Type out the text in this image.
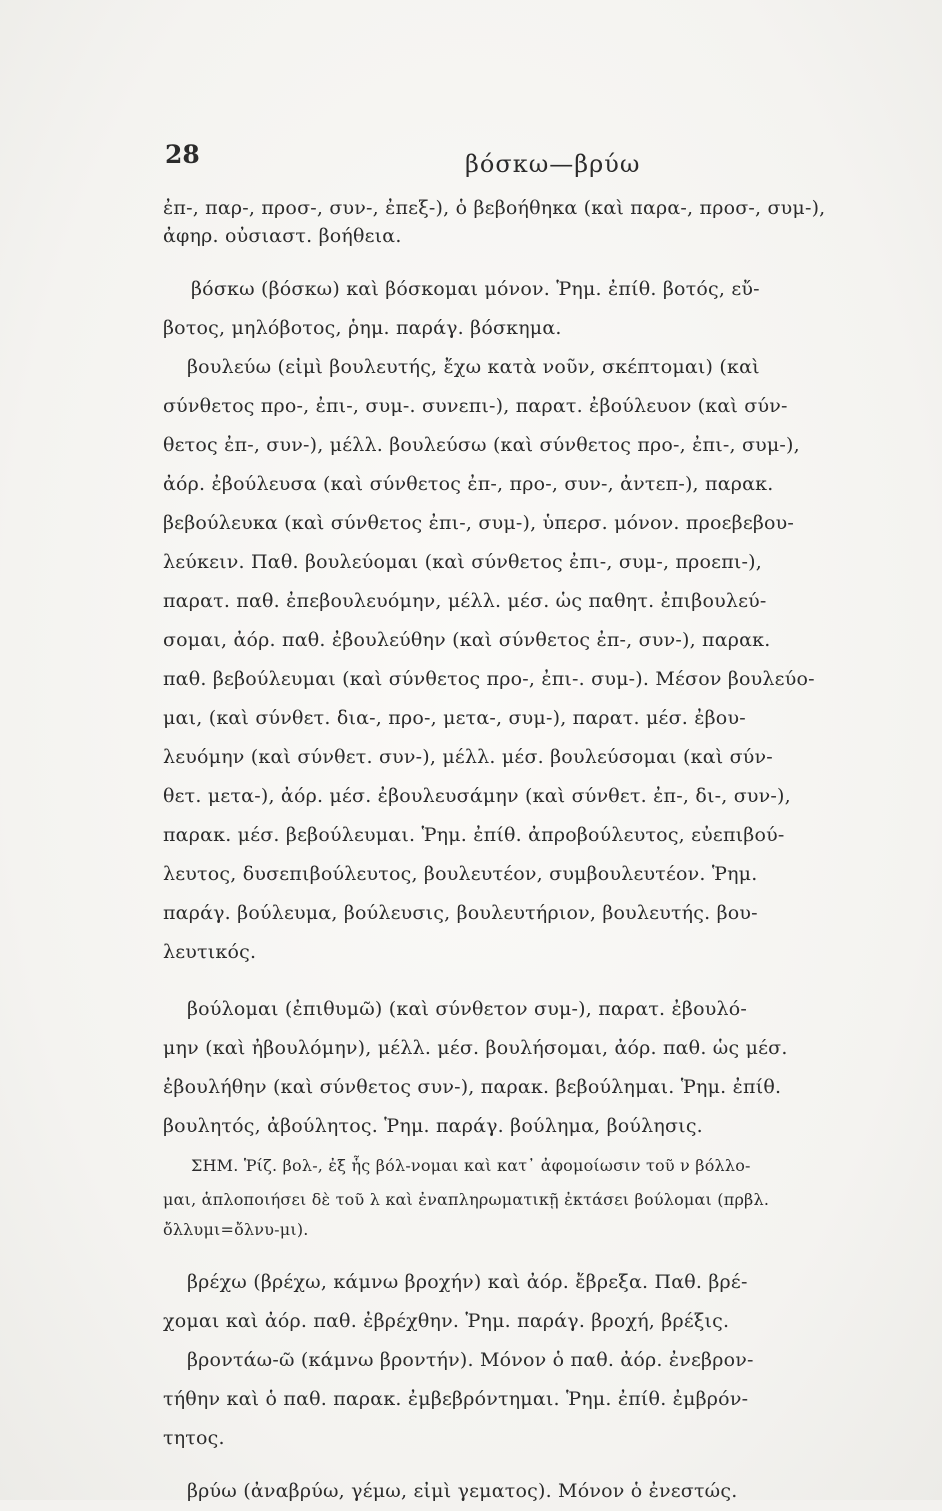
28	βόσκω—βρύω
ἐπ-, παρ-, προσ-, συν-, ἐπεξ-), ὁ βεβοήθηκα (καὶ παρα-, προσ-, συμ-),
ἀφηρ. οὐσιαστ. βοήθεια.
βόσκω (βόσκω) καὶ βόσκομαι μόνον. Ῥημ. ἐπίθ. βοτός, εὔ-
βοτος, μηλόβοτος, ῥημ. παράγ. βόσκημα.
βουλεύω (εἰμὶ βουλευτής, ἔχω κατὰ νοῦν, σκέπτομαι) (καὶ
σύνθετος προ-, ἐπι-, συμ-. συνεπι-), παρατ. ἐβούλευον (καὶ σύν-
θετος ἐπ-, συν-), μέλλ. βουλεύσω (καὶ σύνθετος προ-, ἐπι-, συμ-),
ἀόρ. ἐβούλευσα (καὶ σύνθετος ἐπ-, προ-, συν-, ἀντεπ-), παρακ.
βεβούλευκα (καὶ σύνθετος ἐπι-, συμ-), ὑπερσ. μόνον. προεβεβου-
λεύκειν. Παθ. βουλεύομαι (καὶ σύνθετος ἐπι-, συμ-, προεπι-),
παρατ. παθ. ἐπεβουλευόμην, μέλλ. μέσ. ὡς παθητ. ἐπιβουλεύ-
σομαι, ἀόρ. παθ. ἐβουλεύθην (καὶ σύνθετος ἐπ-, συν-), παρακ.
παθ. βεβούλευμαι (καὶ σύνθετος προ-, ἐπι-. συμ-). Μέσον βουλεύο-
μαι, (καὶ σύνθετ. δια-, προ-, μετα-, συμ-), παρατ. μέσ. ἐβου-
λευόμην (καὶ σύνθετ. συν-), μέλλ. μέσ. βουλεύσομαι (καὶ σύν-
θετ. μετα-), ἀόρ. μέσ. ἐβουλευσάμην (καὶ σύνθετ. ἐπ-, δι-, συν-),
παρακ. μέσ. βεβούλευμαι. Ῥημ. ἐπίθ. ἀπροβούλευτος, εὐεπιβού-
λευτος, δυσεπιβούλευτος, βουλευτέον, συμβουλευτέον. Ῥημ.
παράγ. βούλευμα, βούλευσις, βουλευτήριον, βουλευτής. βου-
λευτικός.
βούλομαι (ἐπιθυμῶ) (καὶ σύνθετον συμ-), παρατ. ἐβουλό-
μην (καὶ ἠβουλόμην), μέλλ. μέσ. βουλήσομαι, ἀόρ. παθ. ὡς μέσ.
ἐβουλήθην (καὶ σύνθετος συν-), παρακ. βεβούλημαι. Ῥημ. ἐπίθ.
βουλητός, ἀβούλητος. Ῥημ. παράγ. βούλημα, βούλησις.
ΣΗΜ. Ῥίζ. βολ-, ἐξ ἧς βόλ-νομαι καὶ κατ᾽ ἀφομοίωσιν τοῦ ν βόλλο-
μαι, ἁπλοποιήσει δὲ τοῦ λ καὶ ἐναπληρωματικῇ ἐκτάσει βούλομαι (πρβλ.
ὄλλυμι=ὄλνυ-μι).
βρέχω (βρέχω, κάμνω βροχήν) καὶ ἀόρ. ἔβρεξα. Παθ. βρέ-
χομαι καὶ ἀόρ. παθ. ἐβρέχθην. Ῥημ. παράγ. βροχή, βρέξις.
βροντάω-ῶ (κάμνω βροντήν). Μόνον ὁ παθ. ἀόρ. ἐνεβρον-
τήθην καὶ ὁ παθ. παρακ. ἐμβεβρόντημαι. Ῥημ. ἐπίθ. ἐμβρόν-
τητος.
βρύω (ἀναβρύω, γέμω, εἰμὶ γεματος). Μόνον ὁ ἐνεστώς.
